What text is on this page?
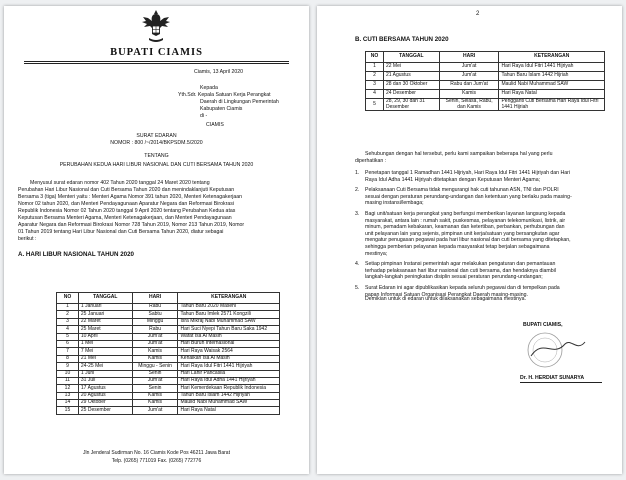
BUPATI CIAMIS
Ciamis, 13 April 2020
Kepada
Yth.Sdr. Kepala Satuan Kerja Perangkat
Daerah di Lingkungan Pemerintah
Kabupaten Ciamis
di -
CIAMIS
SURAT EDARAN
NOMOR : 800 /~/2014/BKPSDM.5/2020
TENTANG
PERUBAHAN KEDUA HARI LIBUR NASIONAL DAN CUTI BERSAMA TAHUN 2020
Menyusul surat edaran nomor 402 Tahun 2020 tanggal 24 Maret 2020 tentang
Perubahan Hari Libur Nasional dan Cuti Bersama Tahun 2020 dan menindaklanjuti Keputusan
Bersama 3 (tiga) Menteri yaitu : Menteri Agama Nomor 391 tahun 2020, Menteri Ketenagakerjaan
Nomor 02 tahun 2020, dan Menteri Pendayagunaan Aparatur Negara dan Reformasi Birokrasi
Republik Indonesia Nomor 02 Tahun 2020 tanggal 9 April 2020 tentang Perubahan Kedua atas
Keputusan Bersama Menteri Agama, Menteri Ketenagakerjaan, dan Menteri Pendayagunaan
Aparatur Negara dan Reformasi Birokrasi Nomor 728 Tahun 2019, Nomor 213 Tahun 2019, Nomor
01 Tahun 2019 tentang Hari Libur Nasional dan Cuti Bersama Tahun 2020, diatur sebagai
berikut :
A. HARI LIBUR NASIONAL TAHUN 2020
NO	TANGGAL	HARI	KETERANGAN
1	1 Januari	Rabu	Tahun Baru 2020 Masehi
2	25 Januari	Sabtu	Tahun Baru Imlek 2571 Kongzili
3	22 Maret	Minggu	Isra Mikraj Nabi Muhammad SAW
4	25 Maret	Rabu	Hari Suci Nyepi Tahun Baru Saka 1942
5	10 April	Jum'at	Wafat Isa Al Masih
6	1 Mei	Jum'at	Hari Buruh Internasional
7	7 Mei	Kamis	Hari Raya Waisak 2564
8	21 Mei	Kamis	Kenaikan Isa Al Masih
9	24-25 Mei	Minggu - Senin	Hari Raya Idul Fitri 1441 Hijriyah
10	1 Juni	Senin	Hari Lahir Pancasila
11	31 Juli	Jum'at	Hari Raya Idul Adha 1441 Hijriyah
12	17 Agustus	Senin	Hari Kemerdekaan Republik Indonesia
13	20 Agustus	Kamis	Tahun Baru Islam 1442 Hijriyah
14	29 Oktober	Kamis	Maulid Nabi Muhammad SAW
15	25 Desember	Jum'at	Hari Raya Natal
Jln Jenderal Sudirman No. 16 Ciamis Kode Pos 46211 Jawa Barat
Telp. (0265) 771019 Fax. (0265) 772776
2
B. CUTI BERSAMA TAHUN 2020
NO	TANGGAL	HARI	KETERANGAN
1	22 Mei	Jum'at	Hari Raya Idul Fitri 1441 Hijriyah
2	21 Agustus	Jum'at	Tahun Baru Islam 1442 Hijriah
3	28 dan 30 Oktober	Rabu dan Jum'at	Maulid Nabi Muhammad SAW
4	24 Desember	Kamis	Hari Raya Natal
5	28, 29, 30 dan 31 Desember	Senin, Selasa, Rabu, dan Kamis	Pengganti Cuti Bersama Hari Raya Idul Fitri 1441 Hijriah
Sehubungan dengan hal tersebut, perlu kami sampaikan beberapa hal yang perlu
diperhatikan :
1. Penetapan tanggal 1 Ramadhan 1441 Hijriyah, Hari Raya Idul Fitri 1441 Hijriyah dan Hari
Raya Idul Adha 1441 Hijriyah ditetapkan dengan Keputusan Menteri Agama;
2. Pelaksanaan Cuti Bersama tidak mengurangi hak cuti tahunan ASN, TNI dan POLRI
sesuai dengan peraturan perundang-undangan dan ketentuan yang berlaku pada masing-
masing instansi/lembaga;
3. Bagi unit/satuan kerja perangkat yang berfungsi memberikan layanan langsung kepada
masyarakat, antara lain : rumah sakit, puskesmas, pelayanan telekomunikasi, listrik, air
minum, pemadam kebakaran, keamanan dan ketertiban, perbankan, perhubungan dan
unit pelayanan lain yang sejenis, pimpinan unit kerja/satuan yang bersangkutan agar
mengatur penugasan pegawai pada hari libur nasional dan cuti bersama yang ditetapkan,
sehingga pemberian pelayanan kepada masyarakat tetap berjalan sebagaimana
mestinya;
4. Setiap pimpinan Instansi pemerintah agar melakukan pengaturan dan pemantauan
terhadap pelaksanaan hari libur nasional dan cuti bersama, dan hendaknya diambil
langkah-langkah peningkatan disiplin sesuai peraturan perundang-undangan;
5. Surat Edaran ini agar dipublikasikan kepada seluruh pegawai dan di tempelkan pada
papan Informasi Satuan Organisasi Perangkat Daerah masing-masing.
Demikian untuk di edaran untuk dilaksanakan sebagaimana mestinya.
BUPATI CIAMIS,
Dr. H. HERDIAT SUNARYA
